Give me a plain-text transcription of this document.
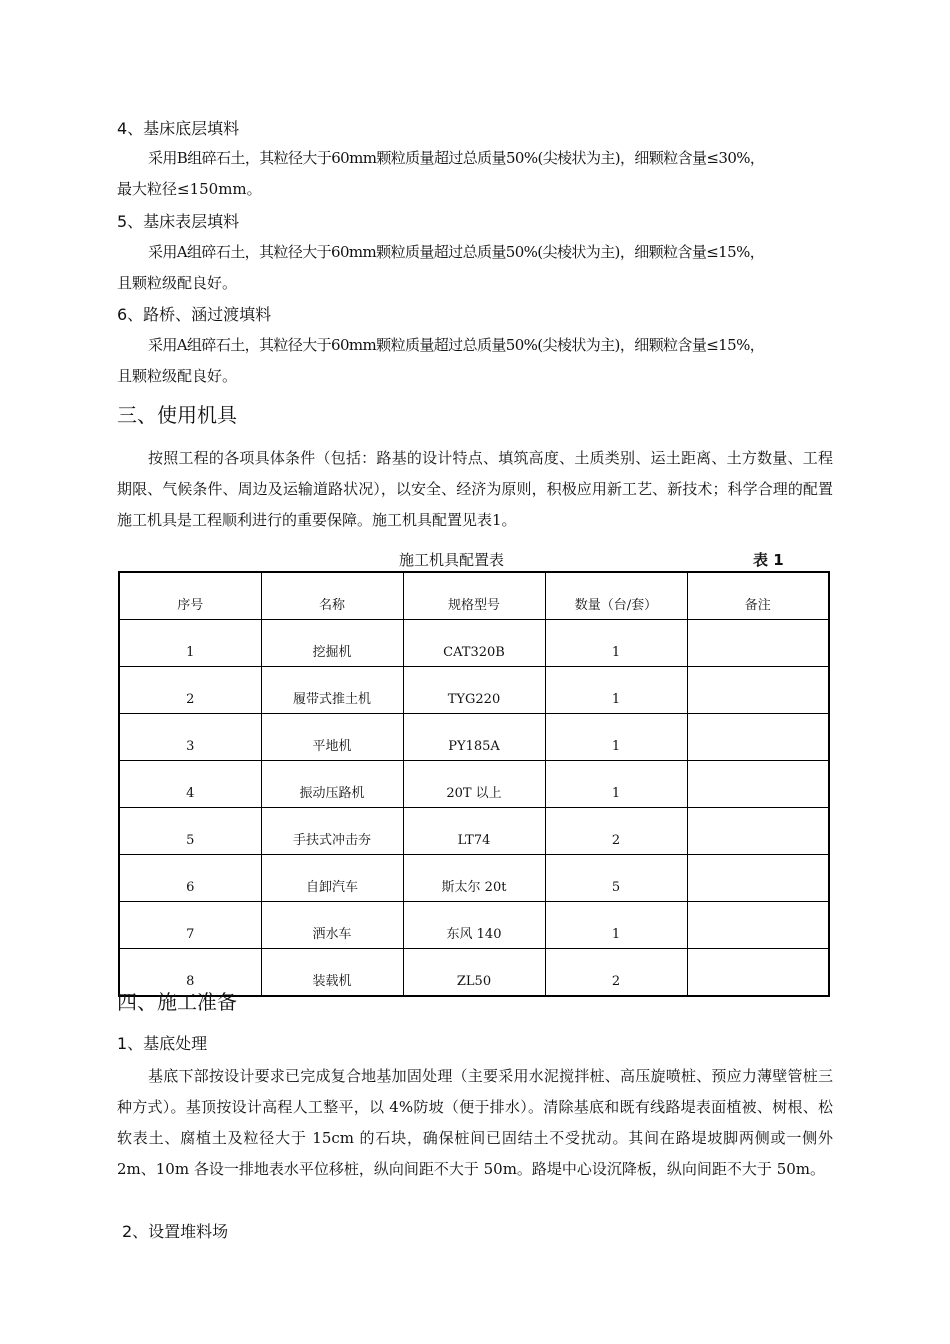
4、基床底层填料

采用B组碎石土，其粒径大于60mm颗粒质量超过总质量50%(尖棱状为主)，细颗粒含量≤30%，

最大粒径≤150mm。

5、基床表层填料

采用A组碎石土，其粒径大于60mm颗粒质量超过总质量50%(尖棱状为主)，细颗粒含量≤15%，

且颗粒级配良好。

6、路桥、涵过渡填料

采用A组碎石土，其粒径大于60mm颗粒质量超过总质量50%(尖棱状为主)，细颗粒含量≤15%，

且颗粒级配良好。

三、使用机具

按照工程的各项具体条件（包括：路基的设计特点、填筑高度、土质类别、运土距离、土方数量、工程期限、气候条件、周边及运输道路状况），以安全、经济为原则，积极应用新工艺、新技术；科学合理的配置施工机具是工程顺利进行的重要保障。施工机具配置见表1。

施工机具配置表	表 1
序号	名称	规格型号	数量（台/套）	备注
1	挖掘机	CAT320B	1	
2	履带式推土机	TYG220	1	
3	平地机	PY185A	1	
4	振动压路机	20T 以上	1	
5	手扶式冲击夯	LT74	2	
6	自卸汽车	斯太尔 20t	5	
7	洒水车	东风 140	1	
8	装载机	ZL50	2	
四、施工准备
1、基底处理

基底下部按设计要求已完成复合地基加固处理（主要采用水泥搅拌桩、高压旋喷桩、预应力薄壁管桩三种方式）。基顶按设计高程人工整平，以 4%防坡（便于排水）。清除基底和既有线路堤表面植被、树根、松软表土、腐植土及粒径大于 15cm 的石块，确保桩间已固结土不受扰动。其间在路堤坡脚两侧或一侧外 2m、10m 各设一排地表水平位移桩，纵向间距不大于 50m。路堤中心设沉降板，纵向间距不大于 50m。

2、设置堆料场
